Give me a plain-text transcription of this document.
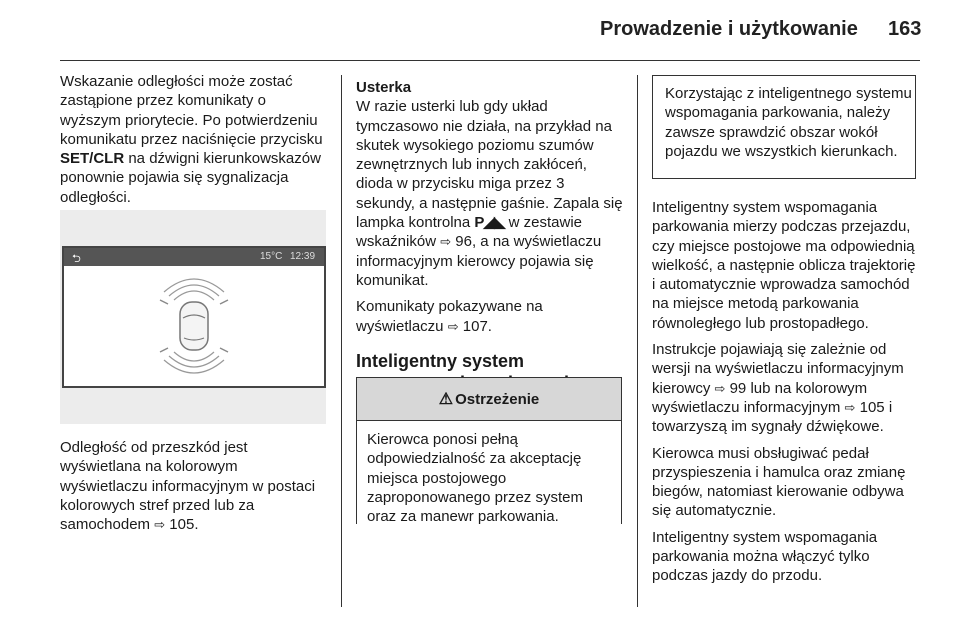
Prowadzenie i użytkowanie 163

Wskazanie odległości może zostać zastąpione przez komunikaty o wyższym priorytecie. Po potwierdzeniu komunikatu przez naciśnięcie przycisku SET/CLR na dźwigni kierunkowskazów ponownie pojawia się sygnalizacja odległości.

⮌	15°C 12:39

Odległość od przeszkód jest wyświetlana na kolorowym wyświetlaczu informacyjnym w postaci kolorowych stref przed lub za samochodem ⇨ 105.

Usterka

W razie usterki lub gdy układ tymczasowo nie działa, na przykład na skutek wysokiego poziomu szumów zewnętrznych lub innych zakłóceń, dioda w przycisku miga przez 3 sekundy, a następnie gaśnie. Zapala się lampka kontrolna P◢◣ w zestawie wskaźników ⇨ 96, a na wyświetlaczu informacyjnym kierowcy pojawia się komunikat.

Komunikaty pokazywane na wyświetlaczu ⇨ 107.

Inteligentny system
⚠ Ostrzeżenie
Kierowca ponosi pełną odpowiedzialność za akceptację miejsca postojowego zaproponowanego przez system oraz za manewr parkowania.
Korzystając z inteligentnego systemu wspomagania parkowania, należy zawsze sprawdzić obszar wokół pojazdu we wszystkich kierunkach.

Inteligentny system wspomagania parkowania mierzy podczas przejazdu, czy miejsce postojowe ma odpowiednią wielkość, a następnie oblicza trajektorię i automatycznie wprowadza samochód na miejsce metodą parkowania równoległego lub prostopadłego.

Instrukcje pojawiają się zależnie od wersji na wyświetlaczu informacyjnym kierowcy ⇨ 99 lub na kolorowym wyświetlaczu informacyjnym ⇨ 105 i towarzyszą im sygnały dźwiękowe.

Kierowca musi obsługiwać pedał przyspieszenia i hamulca oraz zmianę biegów, natomiast kierowanie odbywa się automatycznie.

Inteligentny system wspomagania parkowania można włączyć tylko podczas jazdy do przodu.
